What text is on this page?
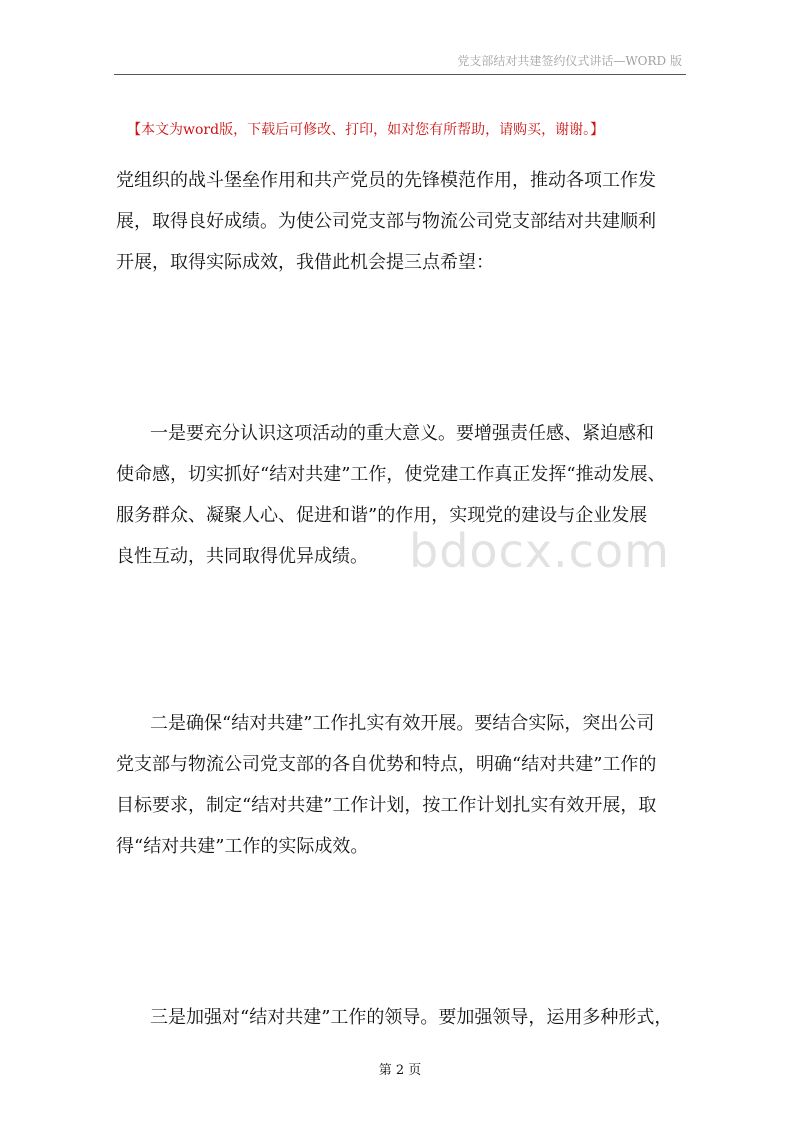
党支部结对共建签约仪式讲话—WORD 版
【本文为word版，下载后可修改、打印，如对您有所帮助，请购买，谢谢。】
党组织的战斗堡垒作用和共产党员的先锋模范作用，推动各项工作发
展，取得良好成绩。为使公司党支部与物流公司党支部结对共建顺利
开展，取得实际成效，我借此机会提三点希望：
一是要充分认识这项活动的重大意义。要增强责任感、紧迫感和
使命感，切实抓好“结对共建”工作，使党建工作真正发挥“推动发展、
服务群众、凝聚人心、促进和谐”的作用，实现党的建设与企业发展
良性互动，共同取得优异成绩。
二是确保“结对共建”工作扎实有效开展。要结合实际，突出公司
党支部与物流公司党支部的各自优势和特点，明确“结对共建”工作的
目标要求，制定“结对共建”工作计划，按工作计划扎实有效开展，取
得“结对共建”工作的实际成效。
三是加强对“结对共建”工作的领导。要加强领导，运用多种形式，
bdocx.com
第 2 页
